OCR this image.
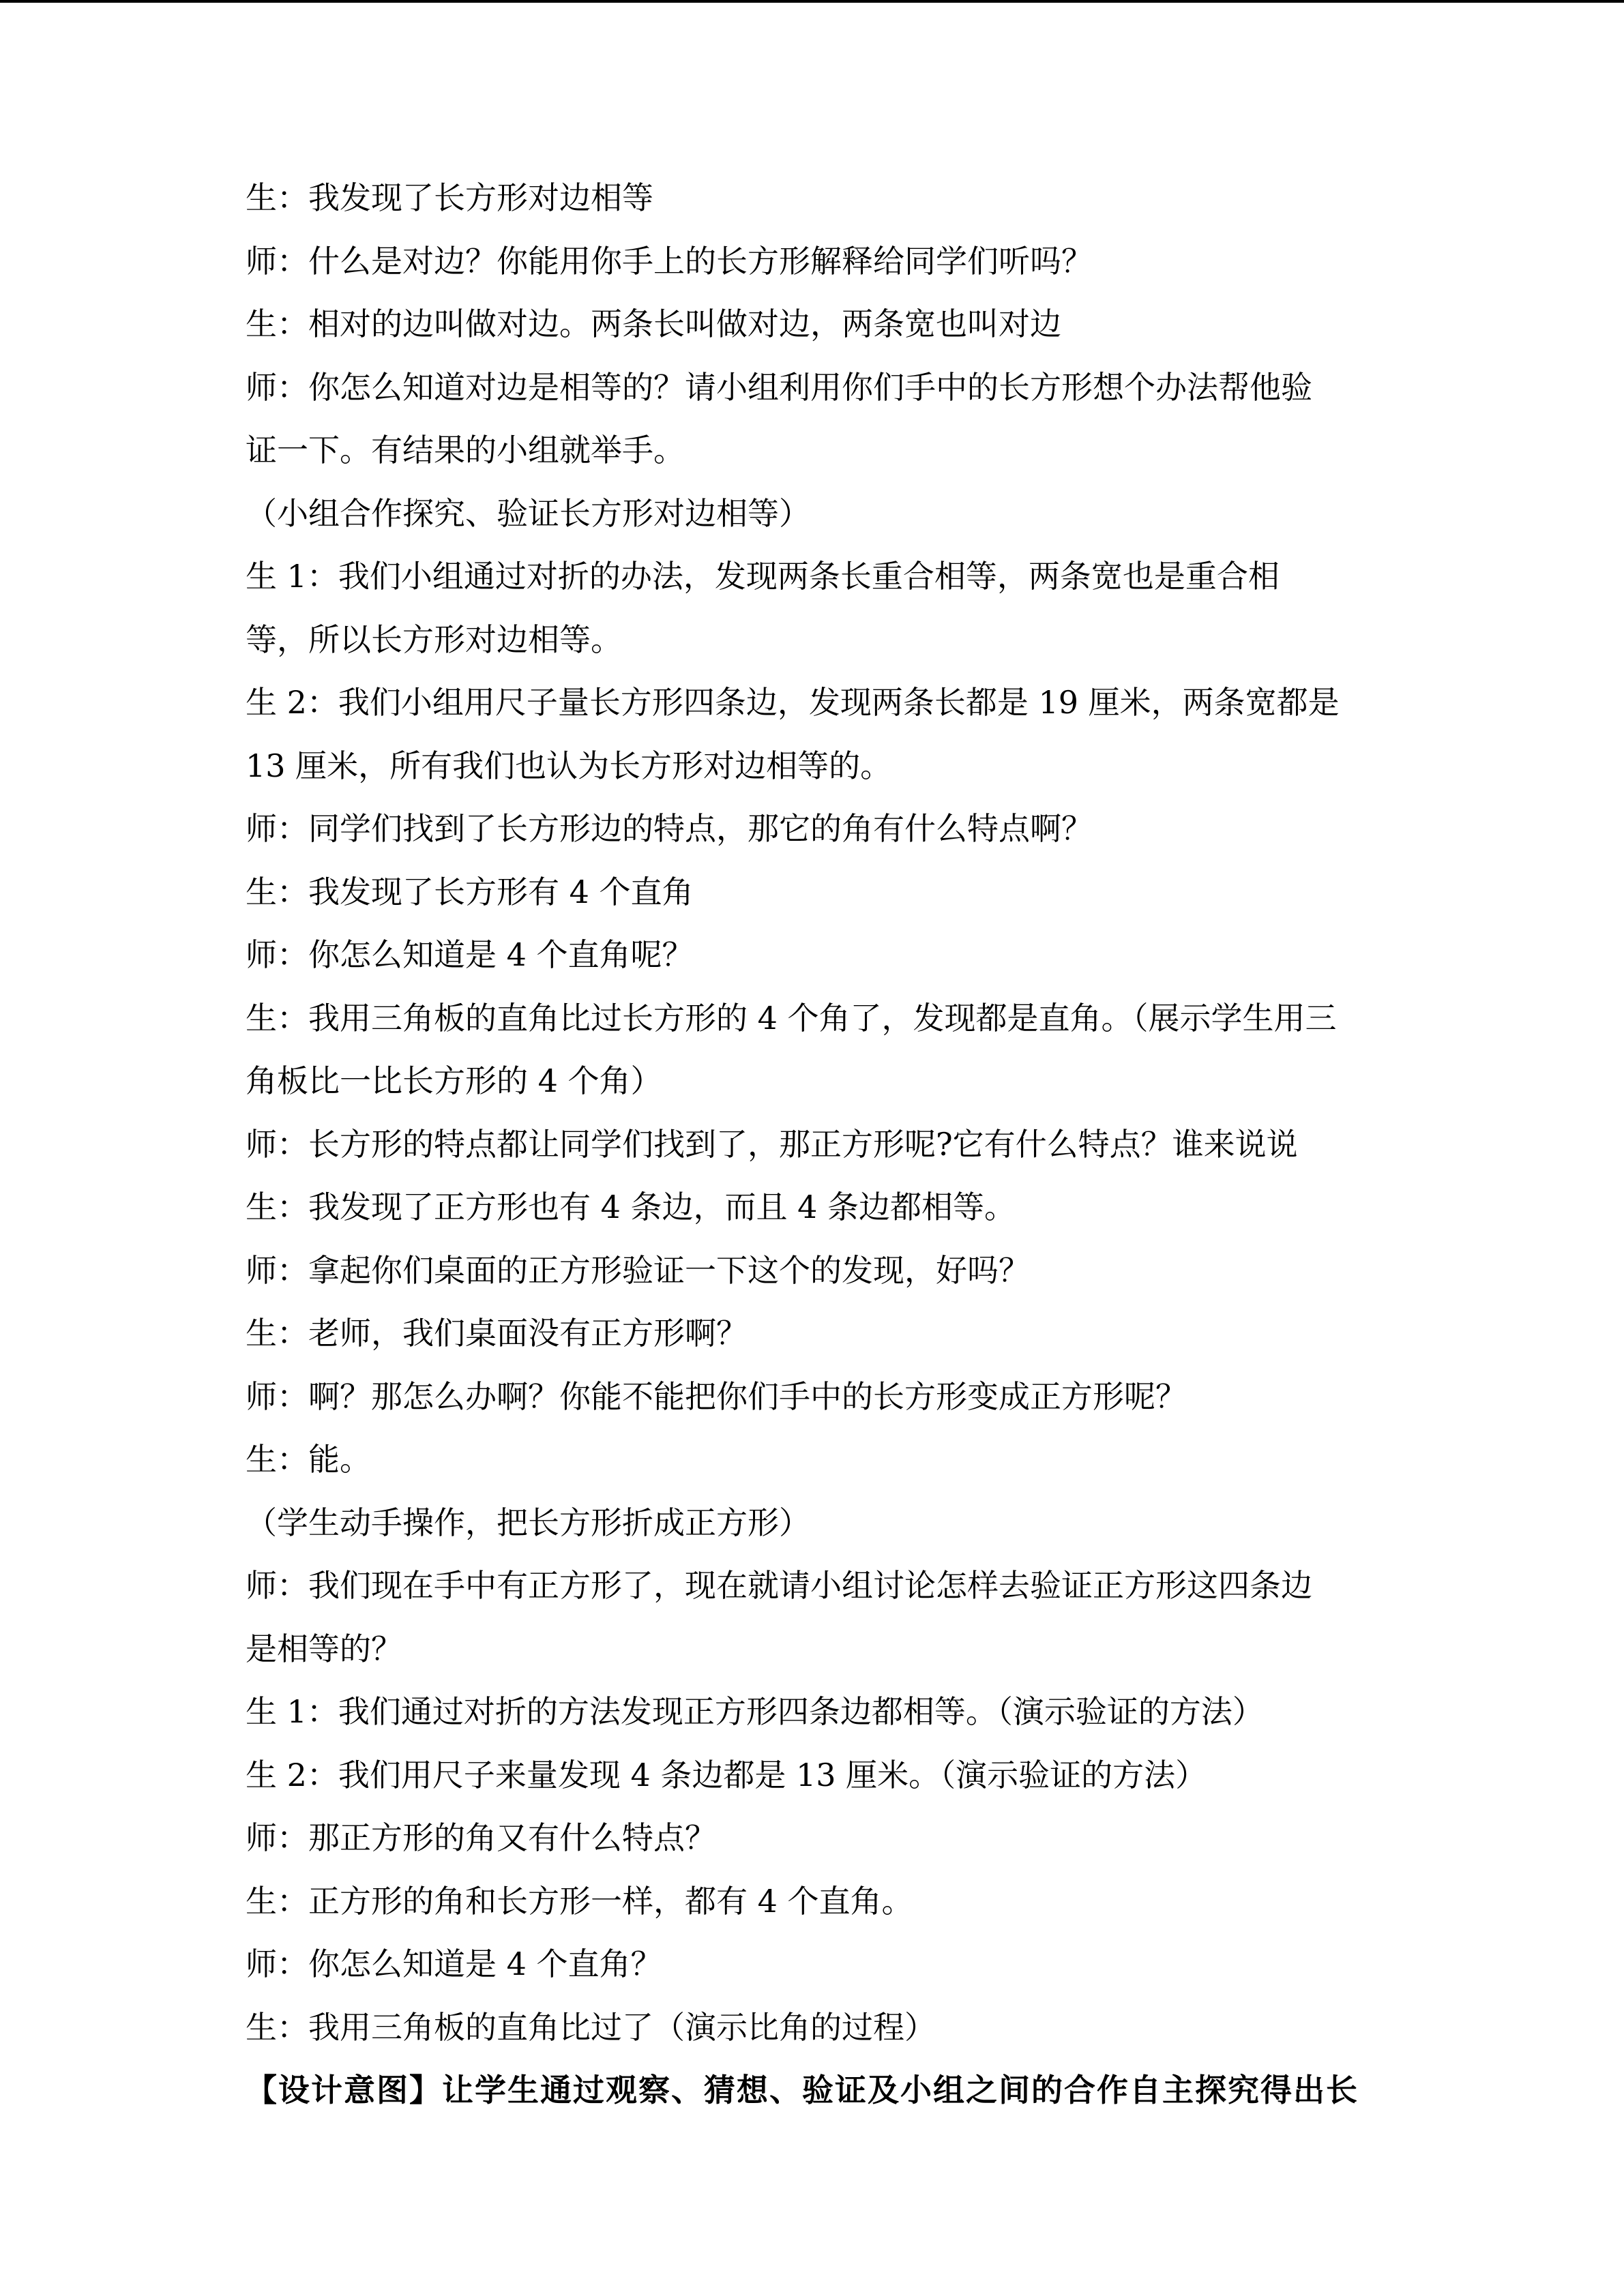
生：我发现了长方形对边相等
师：什么是对边？你能用你手上的长方形解释给同学们听吗？
生：相对的边叫做对边。两条长叫做对边，两条宽也叫对边
师：你怎么知道对边是相等的？请小组利用你们手中的长方形想个办法帮他验
证一下。有结果的小组就举手。
（小组合作探究、验证长方形对边相等）
生 1：我们小组通过对折的办法，发现两条长重合相等，两条宽也是重合相
等，所以长方形对边相等。
生 2：我们小组用尺子量长方形四条边，发现两条长都是 19 厘米，两条宽都是
13 厘米，所有我们也认为长方形对边相等的。
师：同学们找到了长方形边的特点，那它的角有什么特点啊？
生：我发现了长方形有 4 个直角
师：你怎么知道是 4 个直角呢？
生：我用三角板的直角比过长方形的 4 个角了，发现都是直角。（展示学生用三
角板比一比长方形的 4 个角）
师：长方形的特点都让同学们找到了，那正方形呢?它有什么特点？谁来说说
生：我发现了正方形也有 4 条边，而且 4 条边都相等。
师：拿起你们桌面的正方形验证一下这个的发现，好吗？
生：老师，我们桌面没有正方形啊？
师：啊？那怎么办啊？你能不能把你们手中的长方形变成正方形呢？
生：能。
（学生动手操作，把长方形折成正方形）
师：我们现在手中有正方形了，现在就请小组讨论怎样去验证正方形这四条边
是相等的？
生 1：我们通过对折的方法发现正方形四条边都相等。（演示验证的方法）
生 2：我们用尺子来量发现 4 条边都是 13 厘米。（演示验证的方法）
师：那正方形的角又有什么特点？
生：正方形的角和长方形一样，都有 4 个直角。
师：你怎么知道是 4 个直角？
生：我用三角板的直角比过了（演示比角的过程）
【设计意图】让学生通过观察、猜想、验证及小组之间的合作自主探究得出长
